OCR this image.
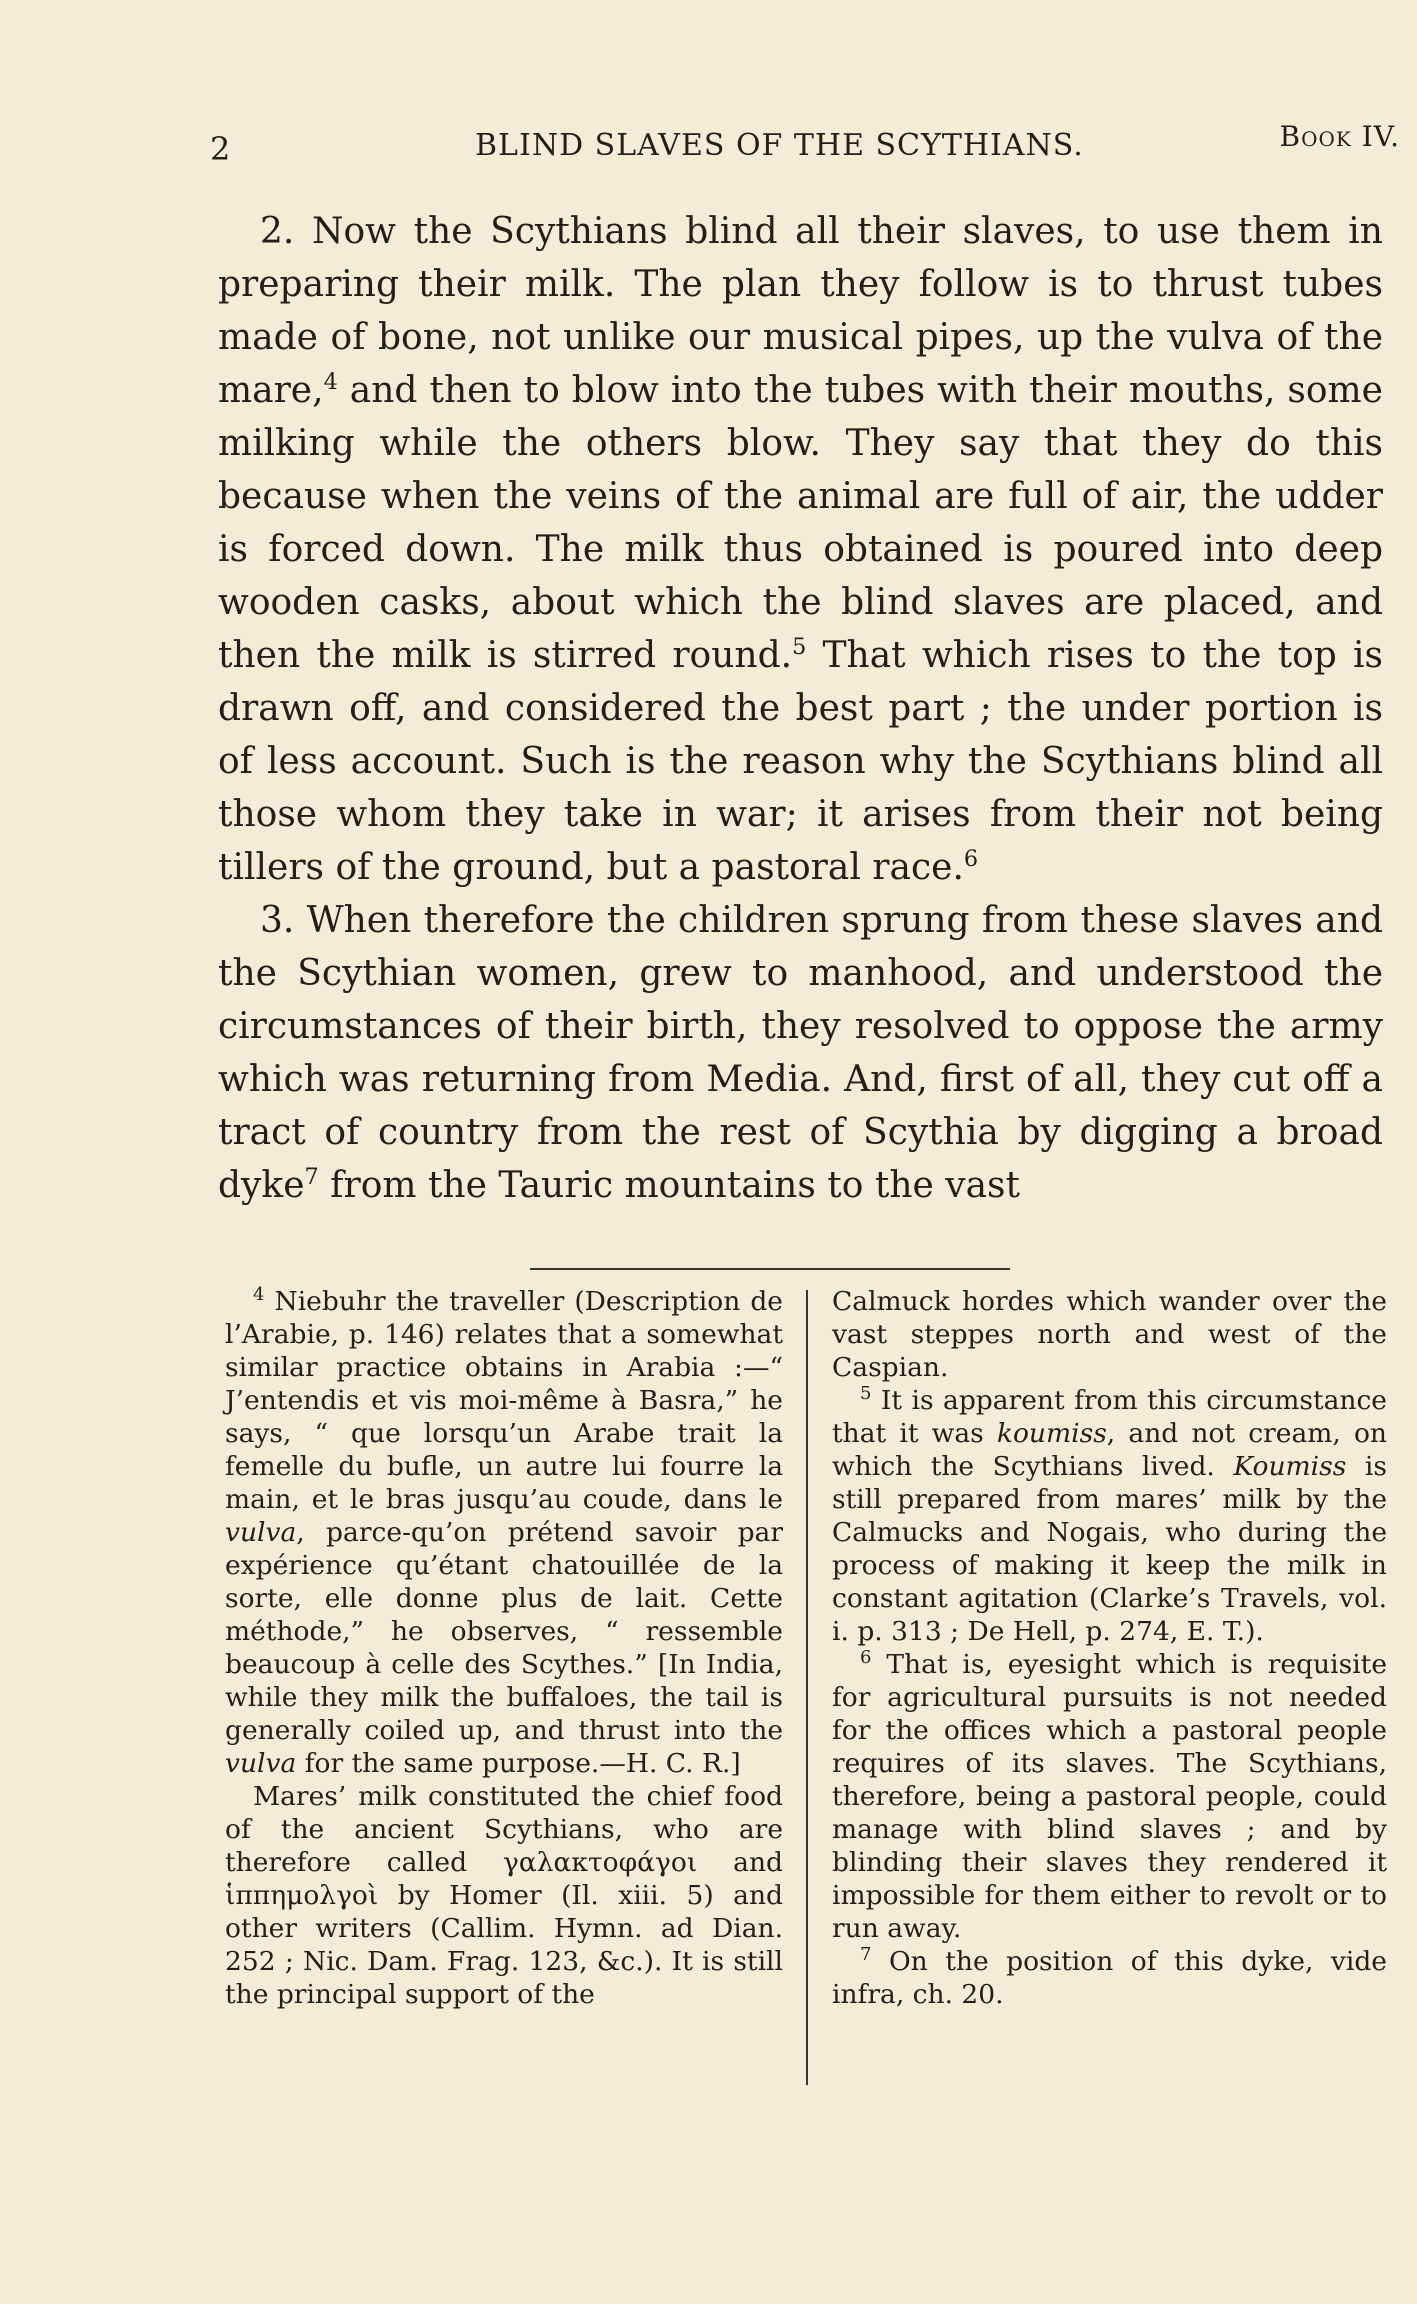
2	BLIND SLAVES OF THE SCYTHIANS.	Book IV.

2. Now the Scythians blind all their slaves, to use them in preparing their milk. The plan they follow is to thrust tubes made of bone, not unlike our musical pipes, up the vulva of the mare,$^4$ and then to blow into the tubes with their mouths, some milking while the others blow. They say that they do this because when the veins of the animal are full of air, the udder is forced down. The milk thus obtained is poured into deep wooden casks, about which the blind slaves are placed, and then the milk is stirred round.$^5$ That which rises to the top is drawn off, and considered the best part ; the under portion is of less account. Such is the reason why the Scythians blind all those whom they take in war; it arises from their not being tillers of the ground, but a pastoral race.$^6$

3. When therefore the children sprung from these slaves and the Scythian women, grew to manhood, and understood the circumstances of their birth, they resolved to oppose the army which was returning from Media. And, first of all, they cut off a tract of country from the rest of Scythia by digging a broad dyke$^7$ from the Tauric mountains to the vast

$^4$ Niebuhr the traveller (Description de l’Arabie, p. 146) relates that a somewhat similar practice obtains in Arabia :—“ J’entendis et vis moi-même à Basra,” he says, “ que lorsqu’un Arabe trait la femelle du bufle, un autre lui fourre la main, et le bras jusqu’au coude, dans le vulva, parce-qu’on prétend savoir par expérience qu’étant chatouillée de la sorte, elle donne plus de lait. Cette méthode,” he observes, “ ressemble beaucoup à celle des Scythes.” [In India, while they milk the buffaloes, the tail is generally coiled up, and thrust into the vulva for the same purpose.—H. C. R.]

Mares’ milk constituted the chief food of the ancient Scythians, who are therefore called γαλακτοφάγοι and ἱππημολγοὶ by Homer (Il. xiii. 5) and other writers (Callim. Hymn. ad Dian. 252 ; Nic. Dam. Frag. 123, &c.). It is still the principal support of the

Calmuck hordes which wander over the vast steppes north and west of the Caspian.

$^5$ It is apparent from this circumstance that it was koumiss, and not cream, on which the Scythians lived. Koumiss is still prepared from mares’ milk by the Calmucks and Nogais, who during the process of making it keep the milk in constant agitation (Clarke’s Travels, vol. i. p. 313 ; De Hell, p. 274, E. T.).

$^6$ That is, eyesight which is requisite for agricultural pursuits is not needed for the offices which a pastoral people requires of its slaves. The Scythians, therefore, being a pastoral people, could manage with blind slaves ; and by blinding their slaves they rendered it impossible for them either to revolt or to run away.

$^7$ On the position of this dyke, vide infra, ch. 20.
